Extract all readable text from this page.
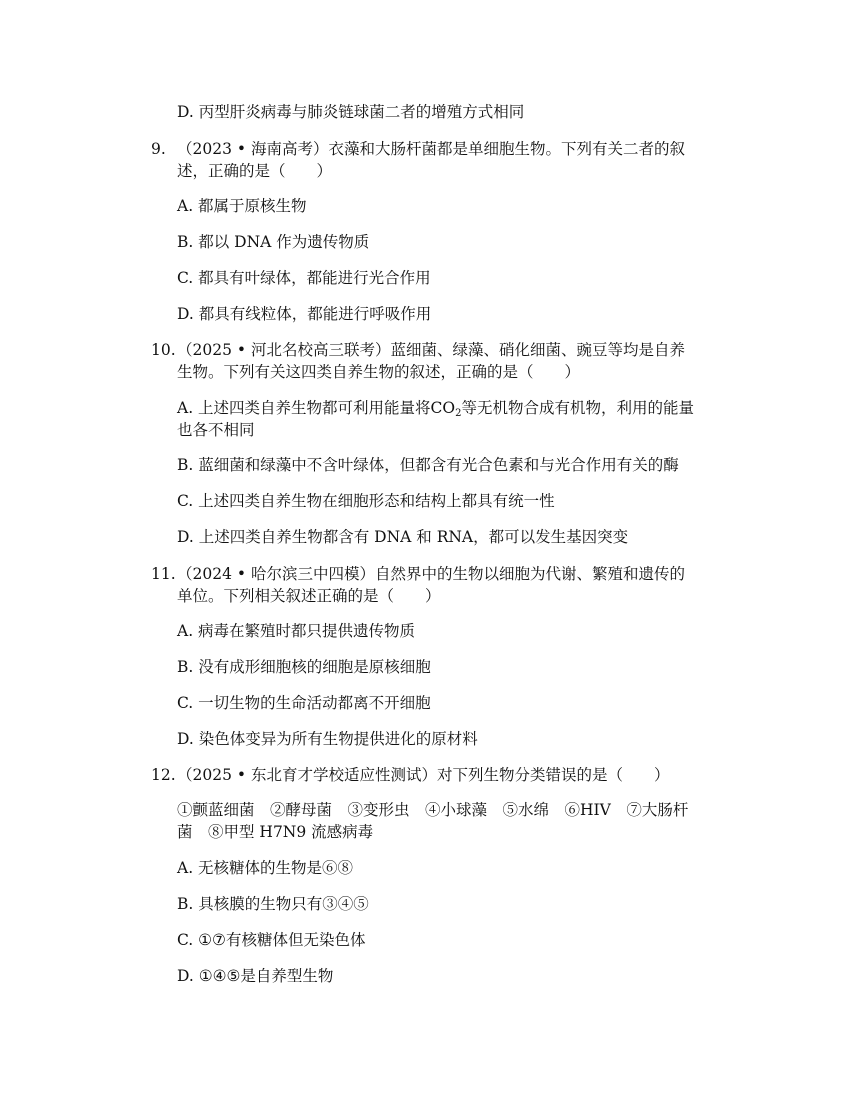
D. 丙型肝炎病毒与肺炎链球菌二者的增殖方式相同
9. （2023 • 海南高考）衣藻和大肠杆菌都是单细胞生物。下列有关二者的叙
述，正确的是（　　）
A. 都属于原核生物
B. 都以 DNA 作为遗传物质
C. 都具有叶绿体，都能进行光合作用
D. 都具有线粒体，都能进行呼吸作用
10. （2025 • 河北名校高三联考）蓝细菌、绿藻、硝化细菌、豌豆等均是自养
生物。下列有关这四类自养生物的叙述，正确的是（　　）
A. 上述四类自养生物都可利用能量将$CO_2$等无机物合成有机物，利用的能量
也各不相同
B. 蓝细菌和绿藻中不含叶绿体，但都含有光合色素和与光合作用有关的酶
C. 上述四类自养生物在细胞形态和结构上都具有统一性
D. 上述四类自养生物都含有 DNA 和 RNA，都可以发生基因突变
11. （2024 • 哈尔滨三中四模）自然界中的生物以细胞为代谢、繁殖和遗传的
单位。下列相关叙述正确的是（　　）
A. 病毒在繁殖时都只提供遗传物质
B. 没有成形细胞核的细胞是原核细胞
C. 一切生物的生命活动都离不开细胞
D. 染色体变异为所有生物提供进化的原材料
12. （2025 • 东北育才学校适应性测试）对下列生物分类错误的是（　　）
①颤蓝细菌　②酵母菌　③变形虫　④小球藻　⑤水绵　⑥HIV　⑦大肠杆
菌　⑧甲型 H7N9 流感病毒
A. 无核糖体的生物是⑥⑧
B. 具核膜的生物只有③④⑤
C. ①⑦有核糖体但无染色体
D. ①④⑤是自养型生物
